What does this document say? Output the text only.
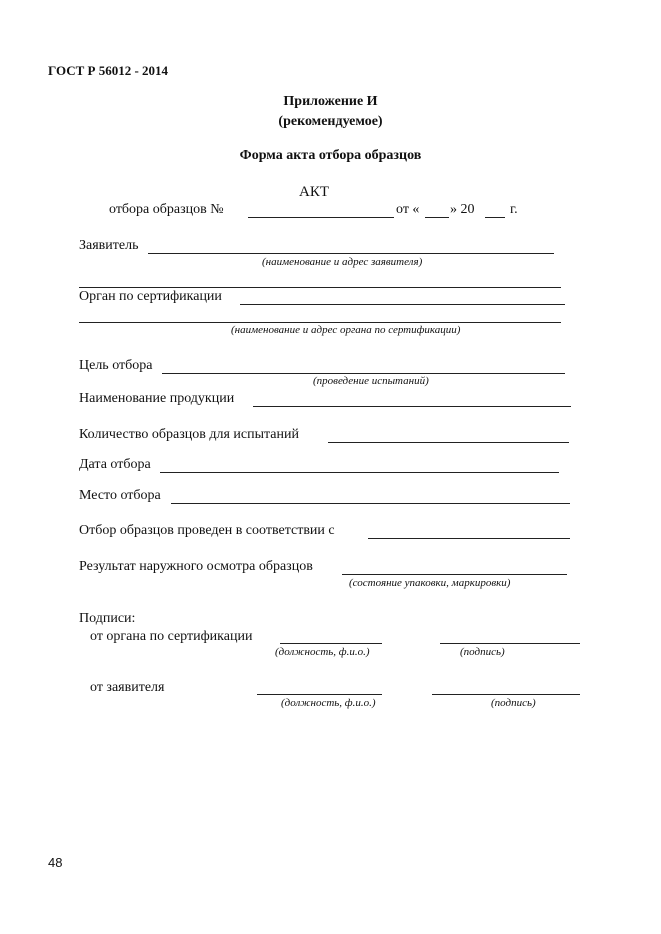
ГОСТ Р 56012 - 2014
Приложение И
(рекомендуемое)
Форма акта отбора образцов
АКТ
отбора образцов №	от « » 20	г.
Заявитель
(наименование и адрес заявителя)
Орган по сертификации
(наименование и адрес органа по сертификации)
Цель отбора
(проведение испытаний)
Наименование продукции
Количество образцов для испытаний
Дата отбора
Место отбора
Отбор образцов проведен в соответствии с
Результат наружного осмотра образцов
(состояние упаковки, маркировки)
Подписи:
от органа по сертификации
(должность, ф.и.о.)	(подпись)
от заявителя
(должность, ф.и.о.)	(подпись)
48
